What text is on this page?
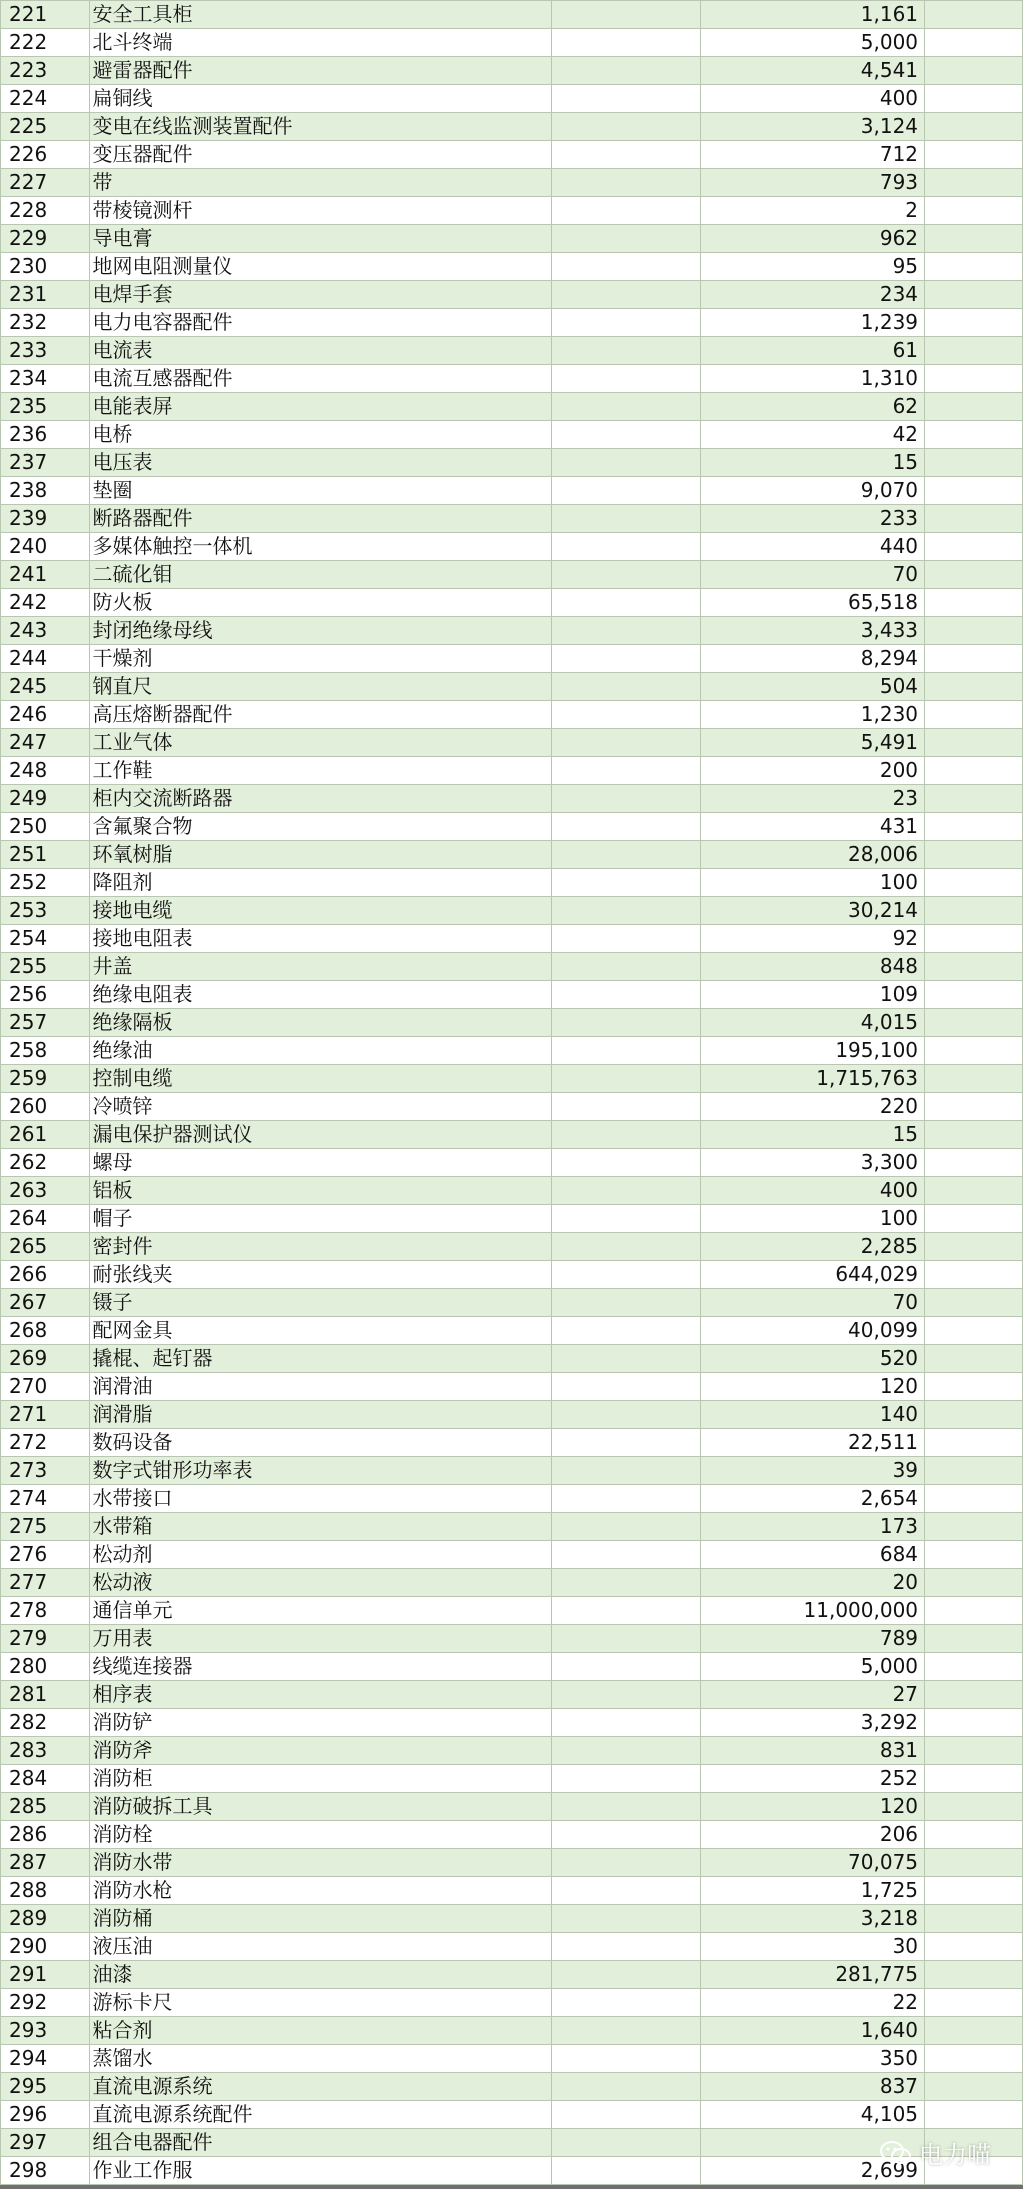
221	安全工具柜		1,161	
222	北斗终端		5,000	
223	避雷器配件		4,541	
224	扁铜线		400	
225	变电在线监测装置配件		3,124	
226	变压器配件		712	
227	带		793	
228	带棱镜测杆		2	
229	导电膏		962	
230	地网电阻测量仪		95	
231	电焊手套		234	
232	电力电容器配件		1,239	
233	电流表		61	
234	电流互感器配件		1,310	
235	电能表屏		62	
236	电桥		42	
237	电压表		15	
238	垫圈		9,070	
239	断路器配件		233	
240	多媒体触控一体机		440	
241	二硫化钼		70	
242	防火板		65,518	
243	封闭绝缘母线		3,433	
244	干燥剂		8,294	
245	钢直尺		504	
246	高压熔断器配件		1,230	
247	工业气体		5,491	
248	工作鞋		200	
249	柜内交流断路器		23	
250	含氟聚合物		431	
251	环氧树脂		28,006	
252	降阻剂		100	
253	接地电缆		30,214	
254	接地电阻表		92	
255	井盖		848	
256	绝缘电阻表		109	
257	绝缘隔板		4,015	
258	绝缘油		195,100	
259	控制电缆		1,715,763	
260	冷喷锌		220	
261	漏电保护器测试仪		15	
262	螺母		3,300	
263	铝板		400	
264	帽子		100	
265	密封件		2,285	
266	耐张线夹		644,029	
267	镊子		70	
268	配网金具		40,099	
269	撬棍、起钉器		520	
270	润滑油		120	
271	润滑脂		140	
272	数码设备		22,511	
273	数字式钳形功率表		39	
274	水带接口		2,654	
275	水带箱		173	
276	松动剂		684	
277	松动液		20	
278	通信单元		11,000,000	
279	万用表		789	
280	线缆连接器		5,000	
281	相序表		27	
282	消防铲		3,292	
283	消防斧		831	
284	消防柜		252	
285	消防破拆工具		120	
286	消防栓		206	
287	消防水带		70,075	
288	消防水枪		1,725	
289	消防桶		3,218	
290	液压油		30	
291	油漆		281,775	
292	游标卡尺		22	
293	粘合剂		1,640	
294	蒸馏水		350	
295	直流电源系统		837	
296	直流电源系统配件		4,105	
297	组合电器配件			
298	作业工作服		2,699	
电力喵
